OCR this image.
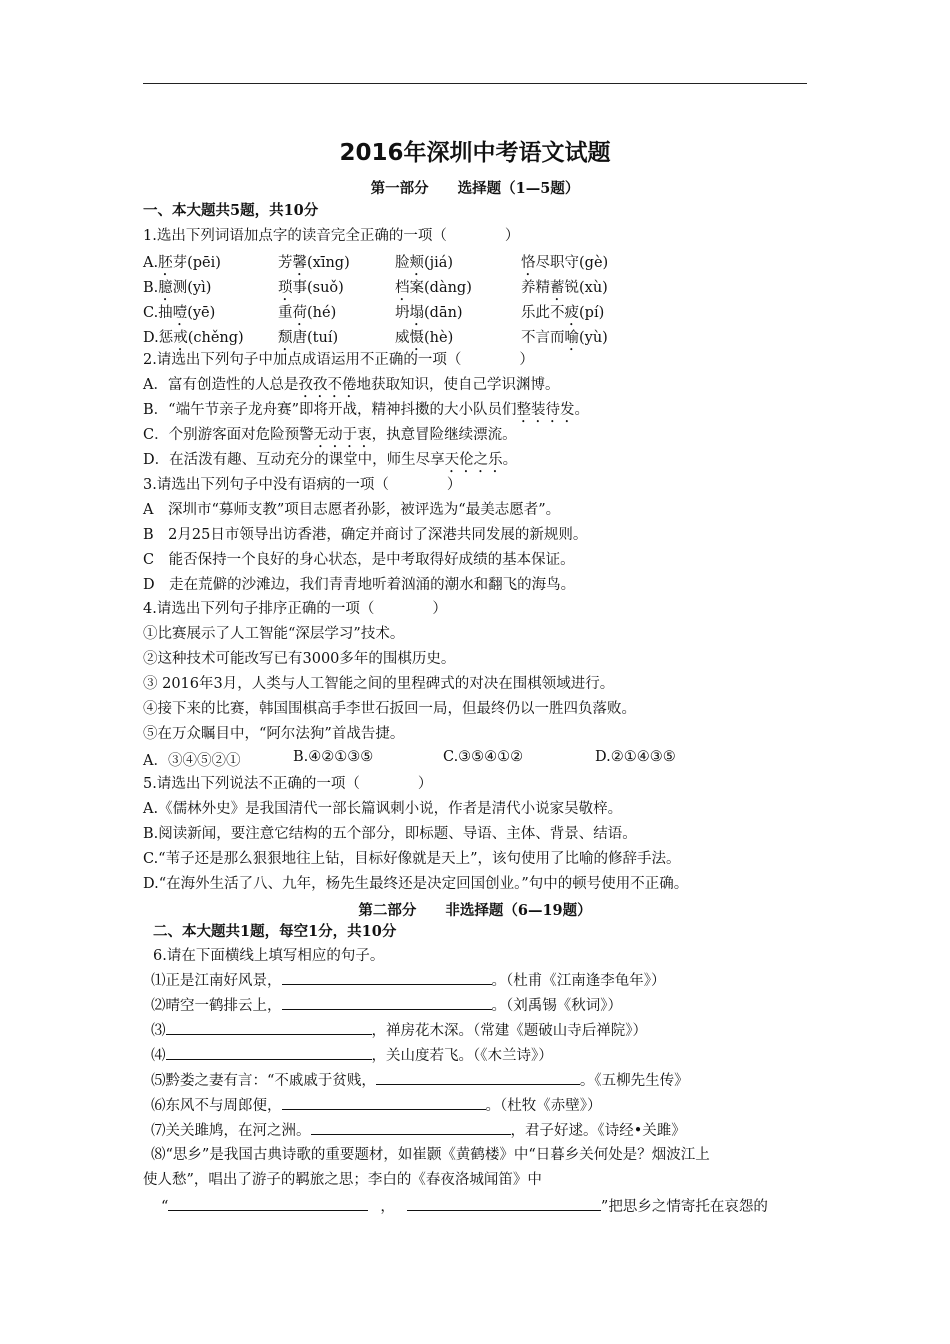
2016年深圳中考语文试题
第一部分　　选择题（1—5题）
一、本大题共5题，共10分
1.选出下列词语加点字的读音完全正确的一项（　　　　）
A.胚芽(pēi)	芳馨(xīng)	脸颊(jiá)	恪尽职守(gè)
B.臆测(yì)	琐事(suǒ)	档案(dàng)	养精蓄锐(xù)
C.抽噎(yē)	重荷(hé)	坍塌(dān)	乐此不疲(pí)
D.惩戒(chěng) 颓唐(tuí)	威慑(hè)	不言而喻(yù)
2.请选出下列句子中加点成语运用不正确的一项（　　　　）
A．富有创造性的人总是孜孜不倦地获取知识，使自己学识渊博。
B．“端午节亲子龙舟赛”即将开战，精神抖擞的大小队员们整装待发。
C．个别游客面对危险预警无动于衷，执意冒险继续漂流。
D．在活泼有趣、互动充分的课堂中，师生尽享天伦之乐。
3.请选出下列句子中没有语病的一项（　　　　）
A　深圳市“募师支教”项目志愿者孙影，被评选为“最美志愿者”。
B　2月25日市领导出访香港，确定并商讨了深港共同发展的新规则。
C　能否保持一个良好的身心状态，是中考取得好成绩的基本保证。
D　走在荒僻的沙滩边，我们青青地听着汹涌的潮水和翻飞的海鸟。
4.请选出下列句子排序正确的一项（　　　　）
①比赛展示了人工智能“深层学习”技术。
②这种技术可能改写已有3000多年的围棋历史。
③ 2016年3月，人类与人工智能之间的里程碑式的对决在围棋领域进行。
④接下来的比赛，韩国围棋高手李世石扳回一局，但最终仍以一胜四负落败。
⑤在万众瞩目中，“阿尔法狗”首战告捷。
A．③④⑤②①	B.④②①③⑤	C.③⑤④①②	D.②①④③⑤
5.请选出下列说法不正确的一项（　　　　）
A.《儒林外史》是我国清代一部长篇讽刺小说，作者是清代小说家吴敬梓。
B.阅读新闻，要注意它结构的五个部分，即标题、导语、主体、背景、结语。
C.“苇子还是那么狠狠地往上钻，目标好像就是天上”，该句使用了比喻的修辞手法。
D.“在海外生活了八、九年，杨先生最终还是决定回国创业。”句中的顿号使用不正确。
第二部分　　非选择题（6—19题）
二、本大题共1题，每空1分，共10分
6.请在下面横线上填写相应的句子。
⑴正是江南好风景，	。（杜甫《江南逢李龟年》）
⑵晴空一鹤排云上，	。（刘禹锡《秋词》）
⑶	，禅房花木深。（常建《题破山寺后禅院》）
⑷	，关山度若飞。（《木兰诗》）
⑸黔娄之妻有言：“不戚戚于贫贱，	。《五柳先生传》
⑹东风不与周郎便，	。（杜牧《赤壁》）
⑺关关雎鸠，在河之洲。	，君子好逑。《诗经•关雎》
⑻“思乡”是我国古典诗歌的重要题材，如崔颢《黄鹤楼》中“日暮乡关何处是？烟波江上
使人愁”，唱出了游子的羁旅之思；李白的《春夜洛城闻笛》中
“	，	”把思乡之情寄托在哀怨的
